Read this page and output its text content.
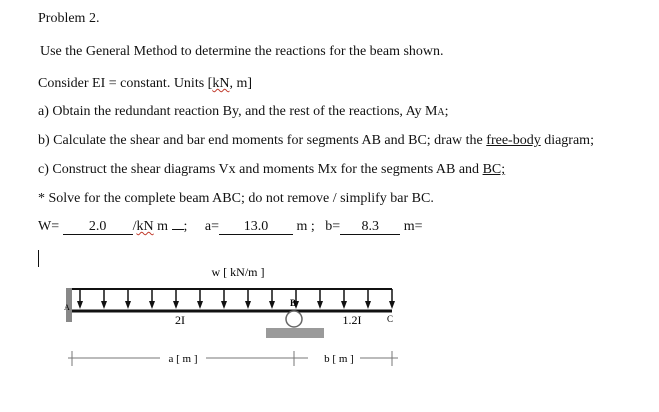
Problem 2.
Use the General Method to determine the reactions for the beam shown.
Consider EI = constant. Units [kN, m]
a) Obtain the redundant reaction By, and the rest of the reactions, Ay MA;
b) Calculate the shear and bar end moments for segments AB and BC; draw the free-body diagram;
c) Construct the shear diagrams Vx and moments Mx for the segments AB and BC;
* Solve for the complete beam ABC; do not remove / simplify bar BC.
W= 2.0 /kN m ; a= 13.0 m ; b= 8.3 m=
w [ kN/m ]
A	B
2I	1.2I	C
a [ m ]	b [ m ]
